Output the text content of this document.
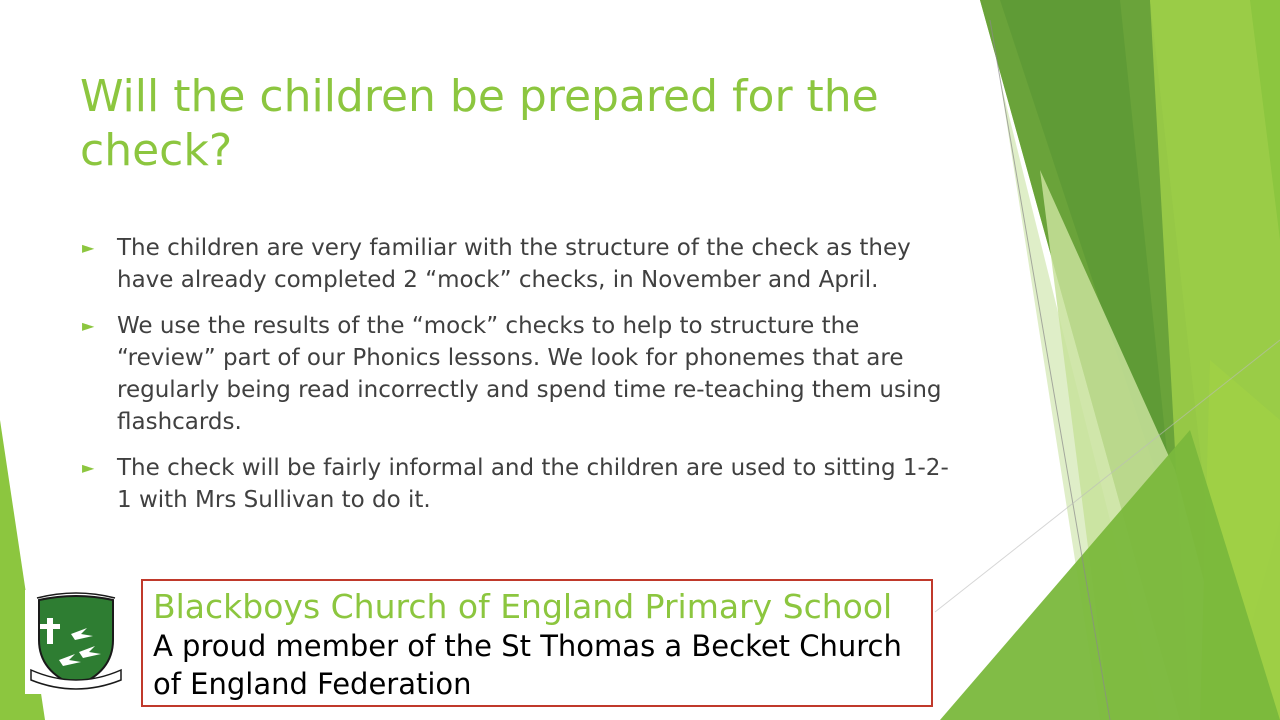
Will the children be prepared for the check?
► The children are very familiar with the structure of the check as they have already completed 2 “mock” checks, in November and April.
► We use the results of the “mock” checks to help to structure the “review” part of our Phonics lessons. We look for phonemes that are regularly being read incorrectly and spend time re-teaching them using flashcards.
► The check will be fairly informal and the children are used to sitting 1-2-1 with Mrs Sullivan to do it.

Blackboys Church of England Primary School

A proud member of the St Thomas a Becket Church

of England Federation
